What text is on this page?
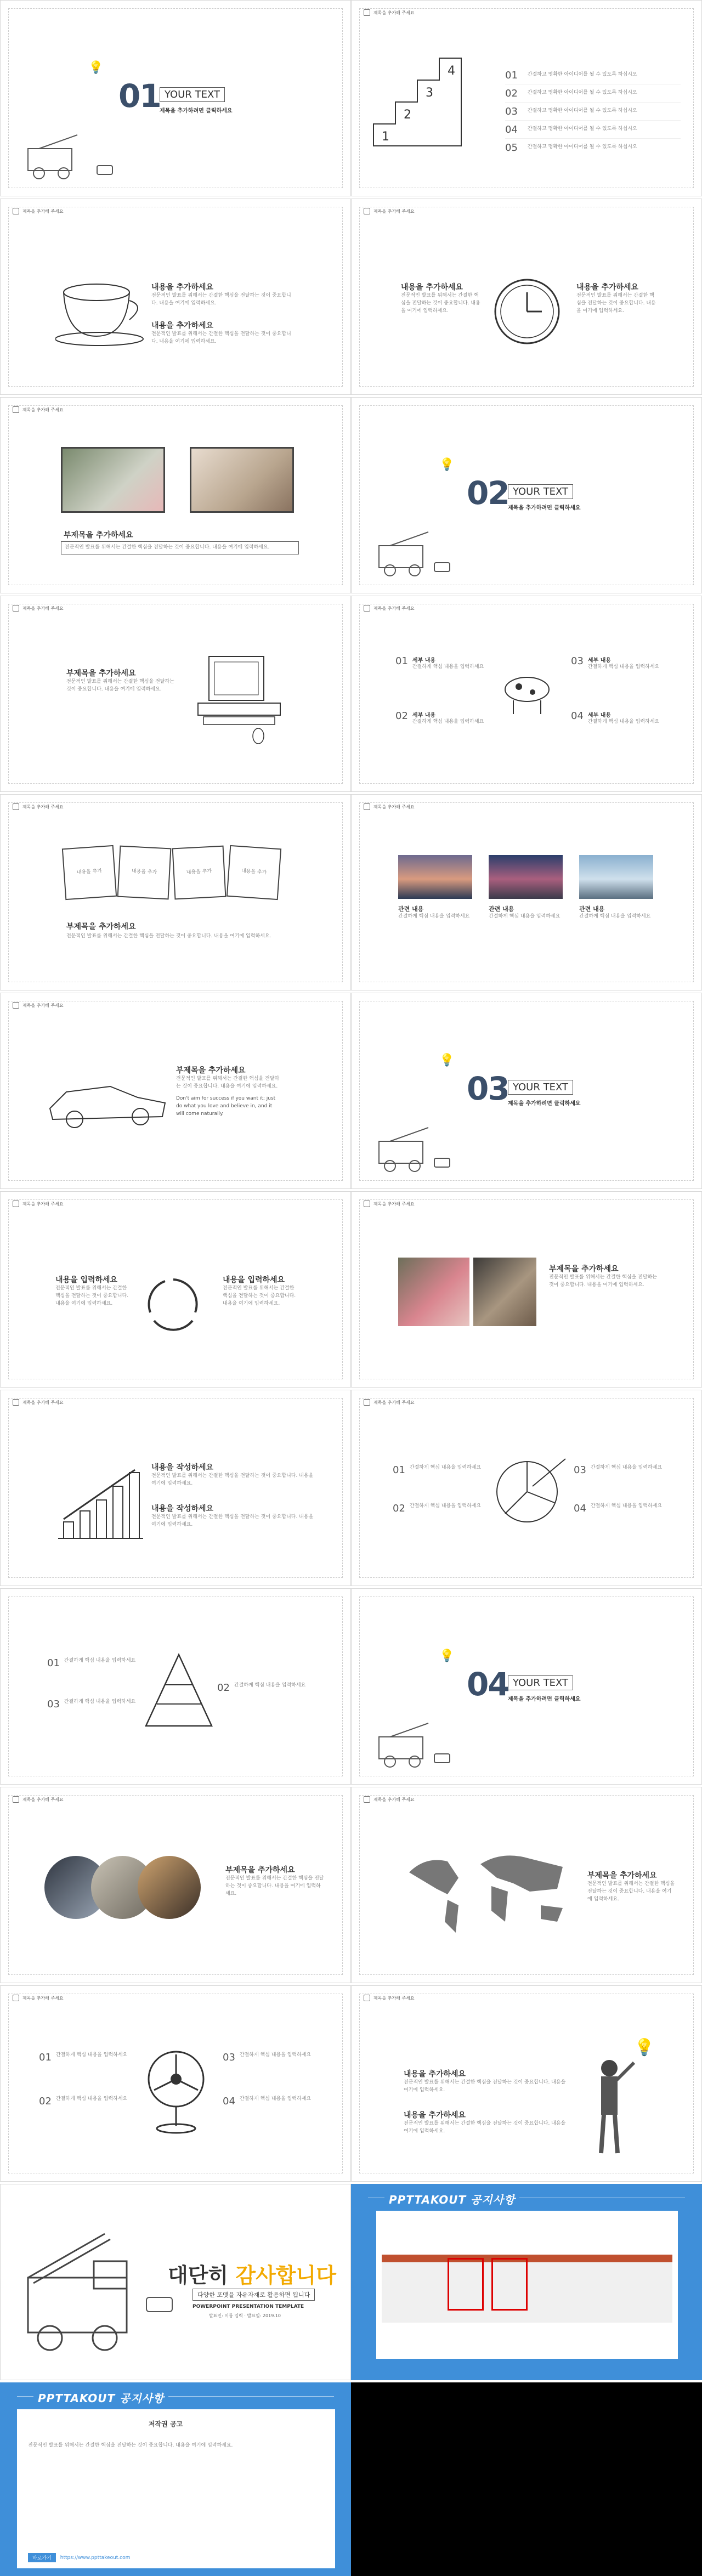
💡
01 YOUR TEXT
제목을 추가하려면 클릭하세요
제목을 추가해 주세요
1
2
3
4	01 간결하고 명확한 아이디어를 될 수 있도록 하십시오
02 간결하고 명확한 아이디어를 될 수 있도록 하십시오
03 간결하고 명확한 아이디어를 될 수 있도록 하십시오
04 간결하고 명확한 아이디어를 될 수 있도록 하십시오
05 간결하고 명확한 아이디어를 될 수 있도록 하십시오
제목을 추가해 주세요
내용을 추가하세요
전문적인 발표를 위해서는 간결한 핵심을 전달하는 것이 중요합니다. 내용을 여기에 입력하세요.
내용을 추가하세요
전문적인 발표를 위해서는 간결한 핵심을 전달하는 것이 중요합니다. 내용을 여기에 입력하세요.
제목을 추가해 주세요
내용을 추가하세요
전문적인 발표를 위해서는 간결한 핵심을 전달하는 것이 중요합니다. 내용을 여기에 입력하세요.
내용을 추가하세요
전문적인 발표를 위해서는 간결한 핵심을 전달하는 것이 중요합니다. 내용을 여기에 입력하세요.
제목을 추가해 주세요
부제목을 추가하세요
전문적인 발표를 위해서는 간결한 핵심을 전달하는 것이 중요합니다. 내용을 여기에 입력하세요.
💡
02 YOUR TEXT
제목을 추가하려면 클릭하세요
제목을 추가해 주세요
부제목을 추가하세요
전문적인 발표를 위해서는 간결한 핵심을 전달하는 것이 중요합니다. 내용을 여기에 입력하세요.
제목을 추가해 주세요
01 세부 내용
간결하게 핵심 내용을 입력하세요	03 세부 내용
간결하게 핵심 내용을 입력하세요
02 세부 내용
간결하게 핵심 내용을 입력하세요	04 세부 내용
간결하게 핵심 내용을 입력하세요
제목을 추가해 주세요
내용을 추가	내용을 추가	내용을 추가	내용을 추가
부제목을 추가하세요
전문적인 발표를 위해서는 간결한 핵심을 전달하는 것이 중요합니다. 내용을 여기에 입력하세요.
제목을 추가해 주세요
관련 내용
간결하게 핵심 내용을 입력하세요
관련 내용
간결하게 핵심 내용을 입력하세요
관련 내용
간결하게 핵심 내용을 입력하세요
제목을 추가해 주세요
부제목을 추가하세요
전문적인 발표를 위해서는 간결한 핵심을 전달하는 것이 중요합니다. 내용을 여기에 입력하세요.
Don't aim for success if you want it; just do what you love and believe in, and it will come naturally.
💡
03 YOUR TEXT
제목을 추가하려면 클릭하세요
제목을 추가해 주세요
내용을 입력하세요
전문적인 발표를 위해서는 간결한 핵심을 전달하는 것이 중요합니다. 내용을 여기에 입력하세요.
내용을 입력하세요
전문적인 발표를 위해서는 간결한 핵심을 전달하는 것이 중요합니다. 내용을 여기에 입력하세요.
제목을 추가해 주세요
부제목을 추가하세요
전문적인 발표를 위해서는 간결한 핵심을 전달하는 것이 중요합니다. 내용을 여기에 입력하세요.
제목을 추가해 주세요
내용을 작성하세요
전문적인 발표를 위해서는 간결한 핵심을 전달하는 것이 중요합니다. 내용을 여기에 입력하세요.
내용을 작성하세요
전문적인 발표를 위해서는 간결한 핵심을 전달하는 것이 중요합니다. 내용을 여기에 입력하세요.
제목을 추가해 주세요
01 간결하게 핵심 내용을 입력하세요
02 간결하게 핵심 내용을 입력하세요
03 간결하게 핵심 내용을 입력하세요
04 간결하게 핵심 내용을 입력하세요
01 간결하게 핵심 내용을 입력하세요
03 간결하게 핵심 내용을 입력하세요
02 간결하게 핵심 내용을 입력하세요
💡
04 YOUR TEXT
제목을 추가하려면 클릭하세요
제목을 추가해 주세요
부제목을 추가하세요
전문적인 발표를 위해서는 간결한 핵심을 전달하는 것이 중요합니다. 내용을 여기에 입력하세요.
제목을 추가해 주세요
부제목을 추가하세요
전문적인 발표를 위해서는 간결한 핵심을 전달하는 것이 중요합니다. 내용을 여기에 입력하세요.
제목을 추가해 주세요
01 간결하게 핵심 내용을 입력하세요
02 간결하게 핵심 내용을 입력하세요
03 간결하게 핵심 내용을 입력하세요
04 간결하게 핵심 내용을 입력하세요
제목을 추가해 주세요
내용을 추가하세요
전문적인 발표를 위해서는 간결한 핵심을 전달하는 것이 중요합니다. 내용을 여기에 입력하세요.
내용을 추가하세요
전문적인 발표를 위해서는 간결한 핵심을 전달하는 것이 중요합니다. 내용을 여기에 입력하세요.
💡
대단히 감사합니다
다양한 포맷을 자유자재로 활용하면 됩니다
POWERPOINT PRESENTATION TEMPLATE
발표인: 이름 입력 · 발표일: 2019.10
PPTTAKOUT 공지사항
PPTTAKOUT 공지사항
저작권 공고
전문적인 발표를 위해서는 간결한 핵심을 전달하는 것이 중요합니다. 내용을 여기에 입력하세요.
바로가기	https://www.ppttakeout.com
